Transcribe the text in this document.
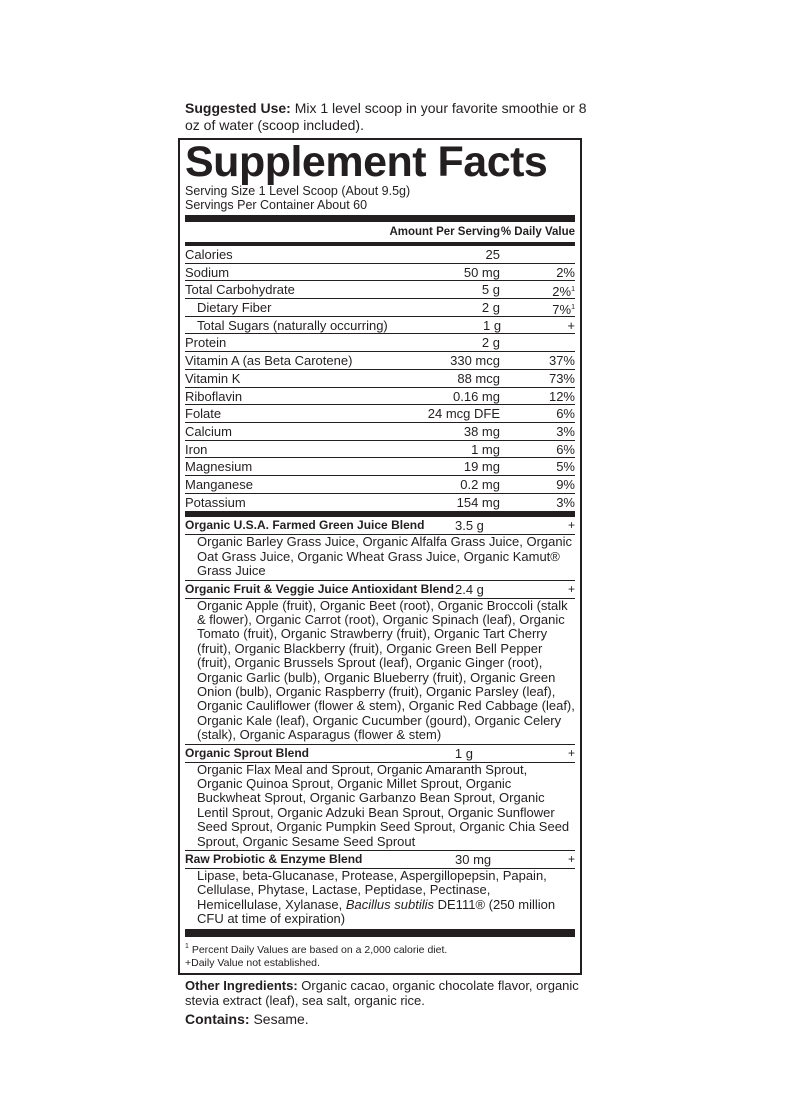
Suggested Use: Mix 1 level scoop in your favorite smoothie or 8 oz of water (scoop included).
Supplement Facts
Serving Size 1 Level Scoop (About 9.5g)
Servings Per Container About 60
Amount Per Serving % Daily Value
Calories	25
Sodium	50 mg	2%
Total Carbohydrate	5 g	2%$^1$
Dietary Fiber	2 g	7%$^1$
Total Sugars (naturally occurring)	1 g	+
Protein	2 g
Vitamin A (as Beta Carotene)	330 mcg	37%
Vitamin K	88 mcg	73%
Riboflavin	0.16 mg	12%
Folate	24 mcg DFE	6%
Calcium	38 mg	3%
Iron	1 mg	6%
Magnesium	19 mg	5%
Manganese	0.2 mg	9%
Potassium	154 mg	3%
Organic U.S.A. Farmed Green Juice Blend	3.5 g	+
Organic Barley Grass Juice, Organic Alfalfa Grass Juice, Organic Oat Grass Juice, Organic Wheat Grass Juice, Organic Kamut® Grass Juice
Organic Fruit & Veggie Juice Antioxidant Blend 2.4 g	+
Organic Apple (fruit), Organic Beet (root), Organic Broccoli (stalk & flower), Organic Carrot (root), Organic Spinach (leaf), Organic Tomato (fruit), Organic Strawberry (fruit), Organic Tart Cherry (fruit), Organic Blackberry (fruit), Organic Green Bell Pepper (fruit), Organic Brussels Sprout (leaf), Organic Ginger (root), Organic Garlic (bulb), Organic Blueberry (fruit), Organic Green Onion (bulb), Organic Raspberry (fruit), Organic Parsley (leaf), Organic Cauliflower (flower & stem), Organic Red Cabbage (leaf), Organic Kale (leaf), Organic Cucumber (gourd), Organic Celery (stalk), Organic Asparagus (flower & stem)
Organic Sprout Blend	1 g	+
Organic Flax Meal and Sprout, Organic Amaranth Sprout, Organic Quinoa Sprout, Organic Millet Sprout, Organic Buckwheat Sprout, Organic Garbanzo Bean Sprout, Organic Lentil Sprout, Organic Adzuki Bean Sprout, Organic Sunflower Seed Sprout, Organic Pumpkin Seed Sprout, Organic Chia Seed Sprout, Organic Sesame Seed Sprout
Raw Probiotic & Enzyme Blend	30 mg	+
Lipase, beta-Glucanase, Protease, Aspergillopepsin, Papain, Cellulase, Phytase, Lactase, Peptidase, Pectinase, Hemicellulase, Xylanase, Bacillus subtilis DE111® (250 million CFU at time of expiration)
$^1$ Percent Daily Values are based on a 2,000 calorie diet.
+Daily Value not established.
Other Ingredients: Organic cacao, organic chocolate flavor, organic stevia extract (leaf), sea salt, organic rice.
Contains: Sesame.
